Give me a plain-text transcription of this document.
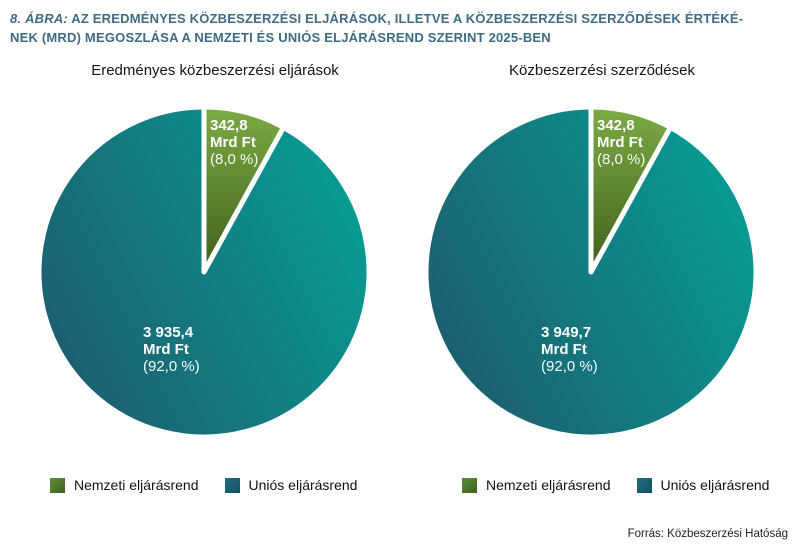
8. ÁBRA: AZ EREDMÉNYES KÖZBESZERZÉSI ELJÁRÁSOK, ILLETVE A KÖZBESZERZÉSI SZERZŐDÉSEK ÉRTÉKÉ-
NEK (MRD) MEGOSZLÁSA A NEMZETI ÉS UNIÓS ELJÁRÁSREND SZERINT 2025-BEN
Eredményes közbeszerzési eljárások
342,8
Mrd Ft
(8,0 %)
3 935,4
Mrd Ft
(92,0 %)
Közbeszerzési szerződések
342,8
Mrd Ft
(8,0 %)
3 949,7
Mrd Ft
(92,0 %)
Nemzeti eljárásrend	Uniós eljárásrend	Nemzeti eljárásrend	Uniós eljárásrend
Forrás: Közbeszerzési Hatóság
